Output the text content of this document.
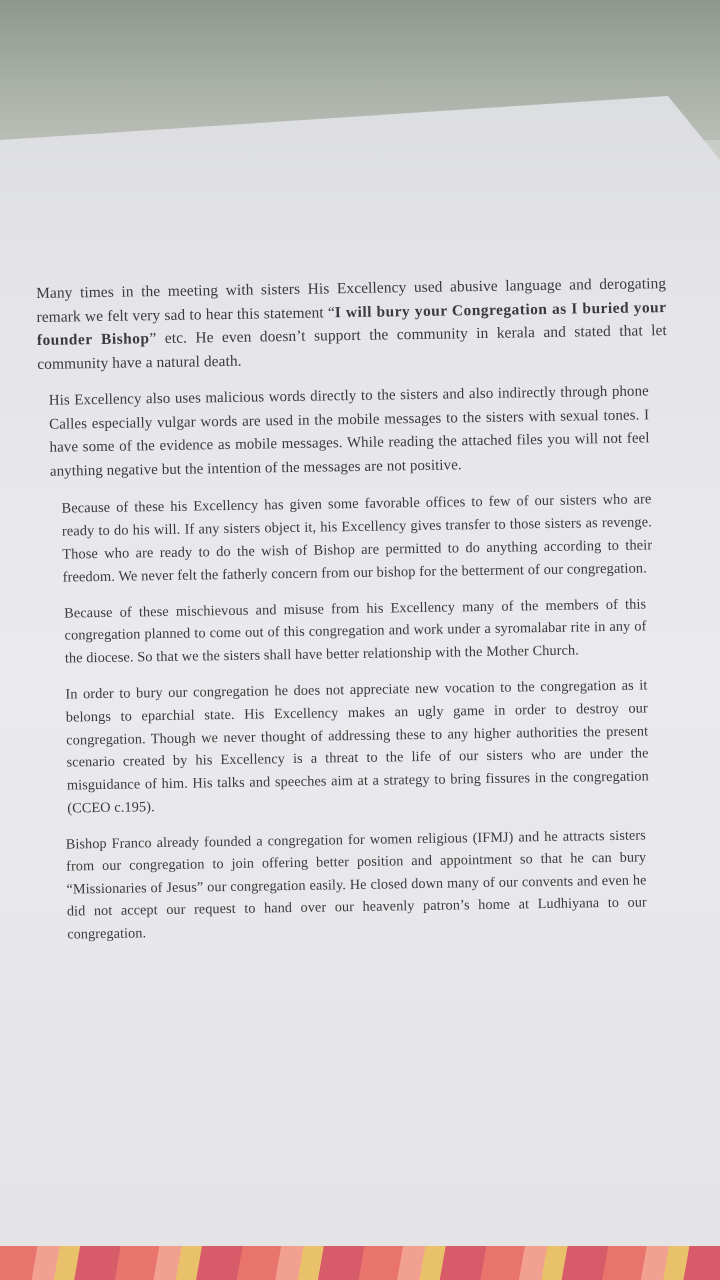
Many times in the meeting with sisters His Excellency used abusive language and derogating remark we felt very sad to hear this statement “I will bury your Congregation as I buried your founder Bishop” etc. He even doesn’t support the community in kerala and stated that let community have a natural death.

His Excellency also uses malicious words directly to the sisters and also indirectly through phone Calles especially vulgar words are used in the mobile messages to the sisters with sexual tones. I have some of the evidence as mobile messages. While reading the attached files you will not feel anything negative but the intention of the messages are not positive.

Because of these his Excellency has given some favorable offices to few of our sisters who are ready to do his will. If any sisters object it, his Excellency gives transfer to those sisters as revenge. Those who are ready to do the wish of Bishop are permitted to do anything according to their freedom. We never felt the fatherly concern from our bishop for the betterment of our congregation.

Because of these mischievous and misuse from his Excellency many of the members of this congregation planned to come out of this congregation and work under a syromalabar rite in any of the diocese. So that we the sisters shall have better relationship with the Mother Church.

In order to bury our congregation he does not appreciate new vocation to the congregation as it belongs to eparchial state. His Excellency makes an ugly game in order to destroy our congregation. Though we never thought of addressing these to any higher authorities the present scenario created by his Excellency is a threat to the life of our sisters who are under the misguidance of him. His talks and speeches aim at a strategy to bring fissures in the congregation (CCEO c.195).

Bishop Franco already founded a congregation for women religious (IFMJ) and he attracts sisters from our congregation to join offering better position and appointment so that he can bury “Missionaries of Jesus” our congregation easily. He closed down many of our convents and even he did not accept our request to hand over our heavenly patron’s home at Ludhiyana to our congregation.
